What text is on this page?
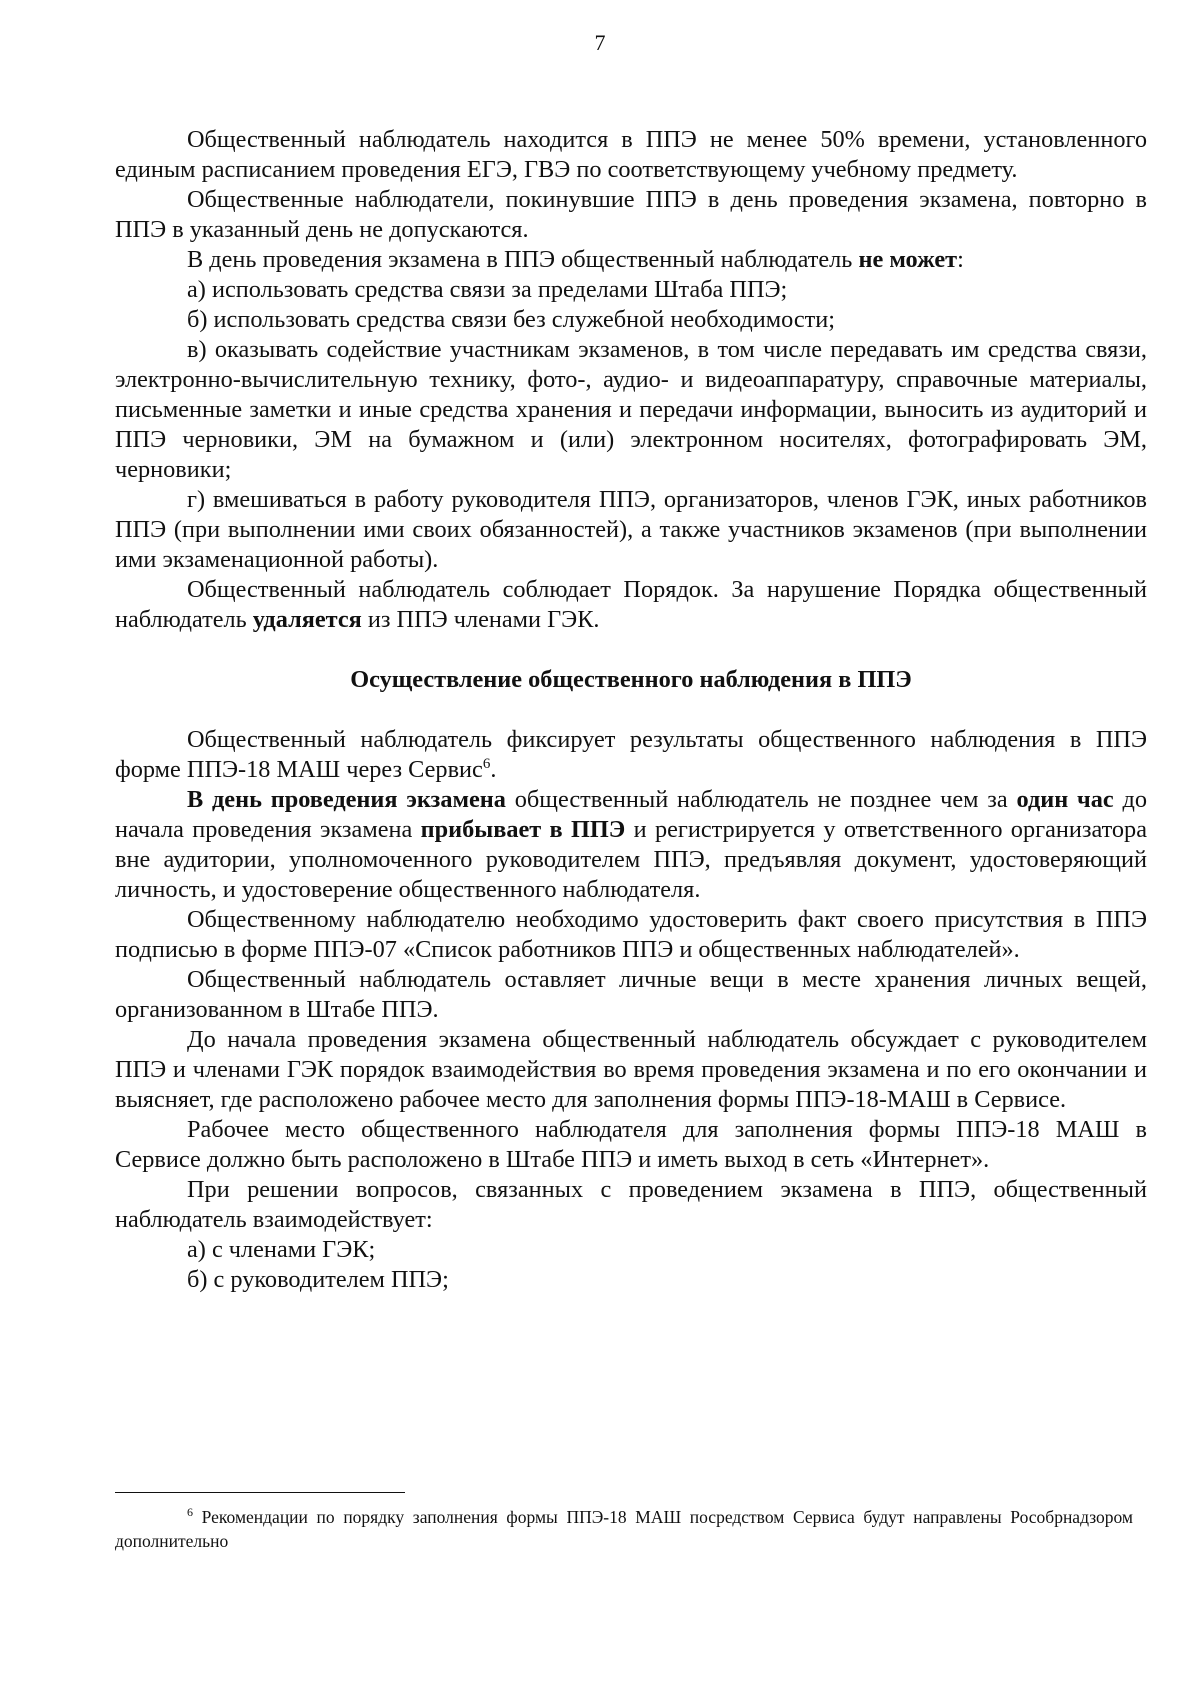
7

Общественный наблюдатель находится в ППЭ не менее 50% времени, установленного единым расписанием проведения ЕГЭ, ГВЭ по соответствующему учебному предмету.

Общественные наблюдатели, покинувшие ППЭ в день проведения экзамена, повторно в ППЭ в указанный день не допускаются.

В день проведения экзамена в ППЭ общественный наблюдатель не может:

а) использовать средства связи за пределами Штаба ППЭ;

б) использовать средства связи без служебной необходимости;

в) оказывать содействие участникам экзаменов, в том числе передавать им средства связи, электронно-вычислительную технику, фото-, аудио- и видеоаппаратуру, справочные материалы, письменные заметки и иные средства хранения и передачи информации, выносить из аудиторий и ППЭ черновики, ЭМ на бумажном и (или) электронном носителях, фотографировать ЭМ, черновики;

г) вмешиваться в работу руководителя ППЭ, организаторов, членов ГЭК, иных работников ППЭ (при выполнении ими своих обязанностей), а также участников экзаменов (при выполнении ими экзаменационной работы).

Общественный наблюдатель соблюдает Порядок. За нарушение Порядка общественный наблюдатель удаляется из ППЭ членами ГЭК.

Осуществление общественного наблюдения в ППЭ

Общественный наблюдатель фиксирует результаты общественного наблюдения в ППЭ форме ППЭ-18 МАШ через Сервис$^6$.

В день проведения экзамена общественный наблюдатель не позднее чем за один час до начала проведения экзамена прибывает в ППЭ и регистрируется у ответственного организатора вне аудитории, уполномоченного руководителем ППЭ, предъявляя документ, удостоверяющий личность, и удостоверение общественного наблюдателя.

Общественному наблюдателю необходимо удостоверить факт своего присутствия в ППЭ подписью в форме ППЭ-07 «Список работников ППЭ и общественных наблюдателей».

Общественный наблюдатель оставляет личные вещи в месте хранения личных вещей, организованном в Штабе ППЭ.

До начала проведения экзамена общественный наблюдатель обсуждает с руководителем ППЭ и членами ГЭК порядок взаимодействия во время проведения экзамена и по его окончании и выясняет, где расположено рабочее место для заполнения формы ППЭ-18-МАШ в Сервисе.

Рабочее место общественного наблюдателя для заполнения формы ППЭ-18 МАШ в Сервисе должно быть расположено в Штабе ППЭ и иметь выход в сеть «Интернет».

При решении вопросов, связанных с проведением экзамена в ППЭ, общественный наблюдатель взаимодействует:

а) с членами ГЭК;

б) с руководителем ППЭ;

$^6$ Рекомендации по порядку заполнения формы ППЭ-18 МАШ посредством Сервиса будут направлены Рособрнадзором дополнительно
